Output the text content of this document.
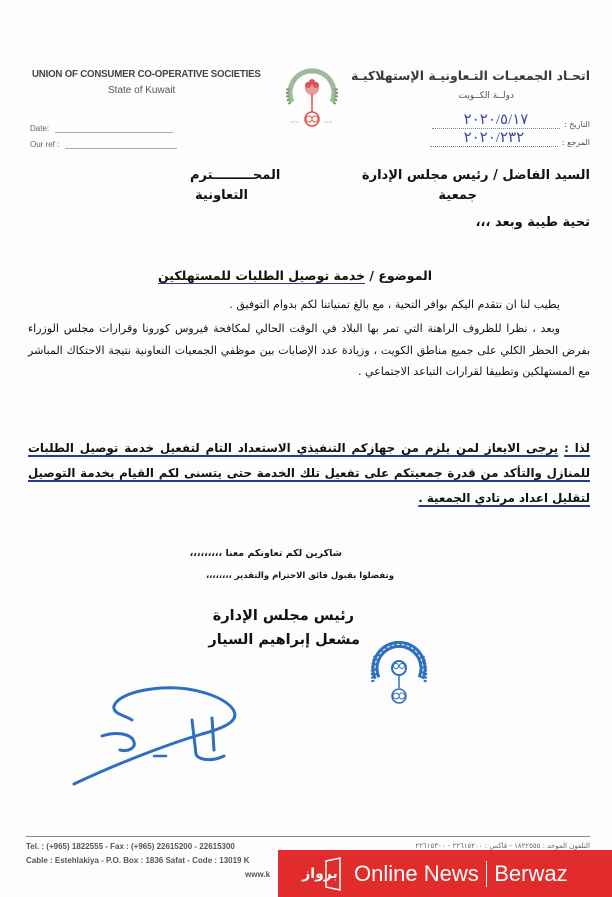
UNION OF CONSUMER CO-OPERATIVE SOCIETIES
State of Kuwait
Date:
Our ref :
~~	~~
اتحـاد الجمعيـات التـعاونيـة الإستهلاكيـة
دولــة الكــويت
التاريخ :
٢٠٢٠/٥/١٧
المرجع :
٢٠٢٠/٢٣٢
السيد الفاضل / رئيس مجلس الإدارة
جمعية
المحـــــــــترم
التعاونية
تحية طيبة وبعد ،،،
الموضوع / خدمة توصيل الطلبات للمستهلكين
يطيب لنا ان نتقدم اليكم بوافر التحية ، مع بالغ تمنياتنا لكم بدوام التوفيق .
وبعد ، نظرا للظروف الراهنة التي تمر بها البلاد في الوقت الحالي لمكافحة فيروس كورونا وقرارات مجلس الوزراء بفرض الحظر الكلي على جميع مناطق الكويت ، وزيادة عدد الإصابات بين موظفي الجمعيات التعاونية نتيجة الاحتكاك المباشر مع المستهلكين وتطبيقا لقرارات التباعد الاجتماعي .
لذا : يرجى الايعاز لمن يلزم من جهازكم التنفيذي الاستعداد التام لتفعيل خدمة توصيل الطلبات للمنازل والتأكد من قدرة جمعيتكم على تفعيل تلك الخدمة حتى يتسنى لكم القيام بخدمة التوصيل لتقليل اعداد مرتادي الجمعية .
شاكرين لكم تعاونكم معنا ،،،،،،،،،
وتفضلوا بقبول فائق الاحترام والتقدير ،،،،،،،،
رئيس مجلس الإدارة
مشعل إبراهيم السيار
Tel. : (+965) 1822555 - Fax : (+965) 22615200 - 22615300
Cable : Estehlakiya - P.O. Box : 1836 Safat - Code : 13019 K
www.k
التلفون الموحد : ١٨٢٢٥٥٥ - فاكس : ٢٢٦١٥٢٠٠ - ٢٢٦١٥٣٠٠
برواز Online News Berwaz
